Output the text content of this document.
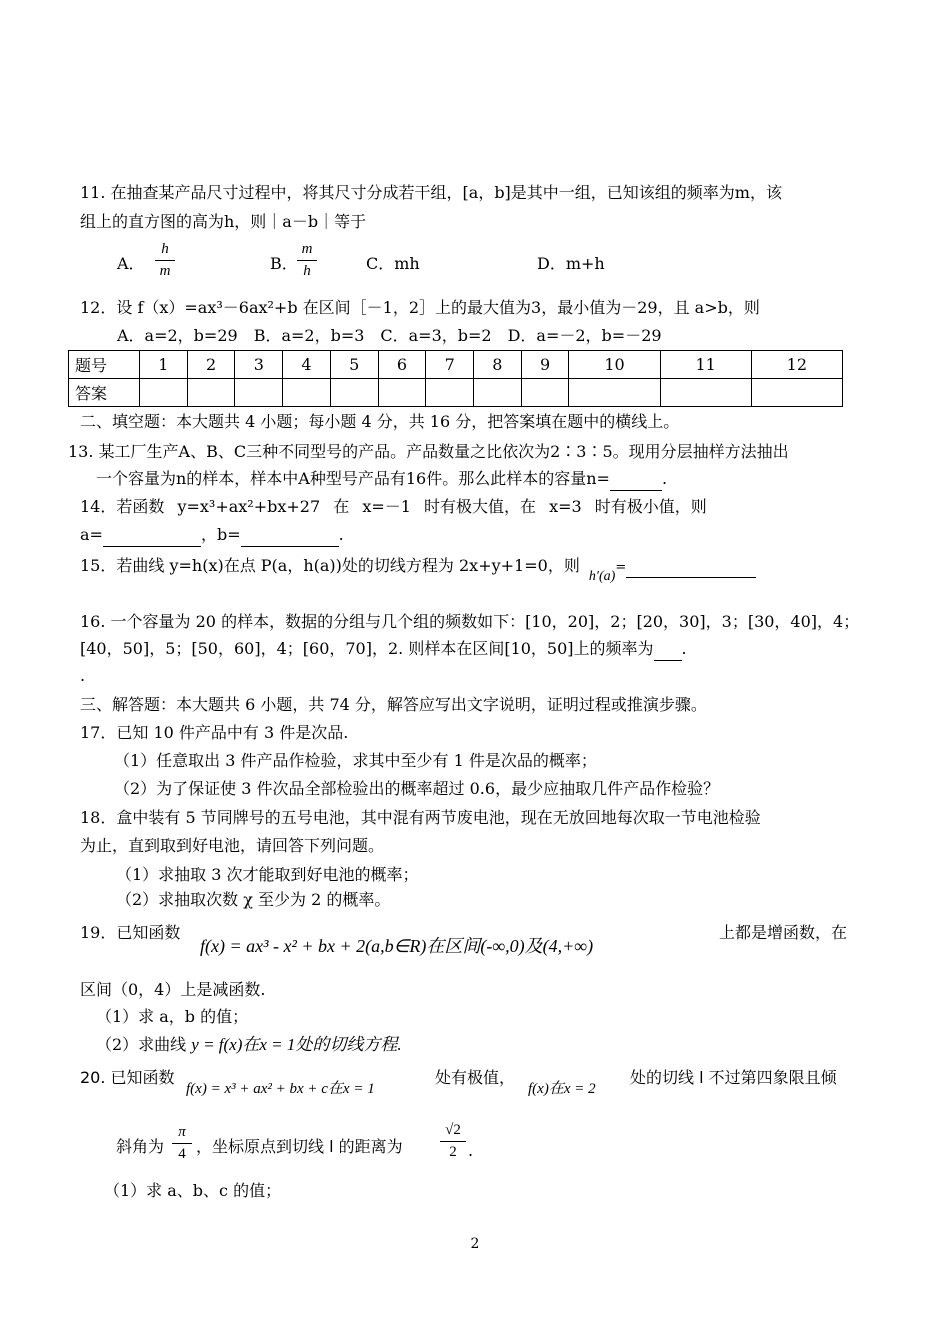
11. 在抽查某产品尺寸过程中，将其尺寸分成若干组，[a，b]是其中一组，已知该组的频率为m，该
组上的直方图的高为h，则｜a－b｜等于
A．
h
m	B．
m
h	C．mh	D．m+h
12．设 f（x）=ax³－6ax²+b 在区间［－1，2］上的最大值为3，最小值为－29，且 a>b，则
A．a=2，b=29　B．a=2，b=3　C．a=3，b=2　D．a=－2，b=－29
题号	1	2	3	4	5	6	7	8	9	10	11	12
答案												
二、填空题：本大题共 4 小题；每小题 4 分，共 16 分，把答案填在题中的横线上。
13. 某工厂生产A、B、C三种不同型号的产品。产品数量之比依次为2∶3∶5。现用分层抽样方法抽出
一个容量为n的样本，样本中A种型号产品有16件。那么此样本的容量n=	.
14．若函数 y=x³+ax²+bx+27 在 x=－1 时有极大值，在 x=3 时有极小值，则
a=	，b=	.
15．若曲线 y=h(x)在点 P(a，h(a))处的切线方程为 2x+y+1=0，则 h′(a)=
16. 一个容量为 20 的样本，数据的分组与几个组的频数如下：[10，20]，2；[20，30]，3；[30，40]，4；
[40，50]，5；[50，60]，4；[60，70]，2. 则样本在区间[10，50]上的频率为 .
.
三、解答题：本大题共 6 小题，共 74 分，解答应写出文字说明，证明过程或推演步骤。
17．已知 10 件产品中有 3 件是次品.
（1）任意取出 3 件产品作检验，求其中至少有 1 件是次品的概率；
（2）为了保证使 3 件次品全部检验出的概率超过 0.6，最少应抽取几件产品作检验？
18．盒中装有 5 节同牌号的五号电池，其中混有两节废电池，现在无放回地每次取一节电池检验
为止，直到取到好电池，请回答下列问题。
（1）求抽取 3 次才能取到好电池的概率；
（2）求抽取次数 χ 至少为 2 的概率。
19．已知函数
f(x) = ax³ - x² + bx + 2(a,b∈R)在区间(-∞,0)及(4,+∞)
上都是增函数，在
区间（0，4）上是减函数.
（1）求 a，b 的值；
（2）求曲线 y = f(x)在x = 1处的切线方程.
20. 已知函数
f(x) = x³ + ax² + bx + c在x = 1
处有极值，
f(x)在x = 2
处的切线 l 不过第四象限且倾
斜角为
π
4 ，坐标原点到切线 l 的距离为
√2
2 .
（1）求 a、b、c 的值；
2
